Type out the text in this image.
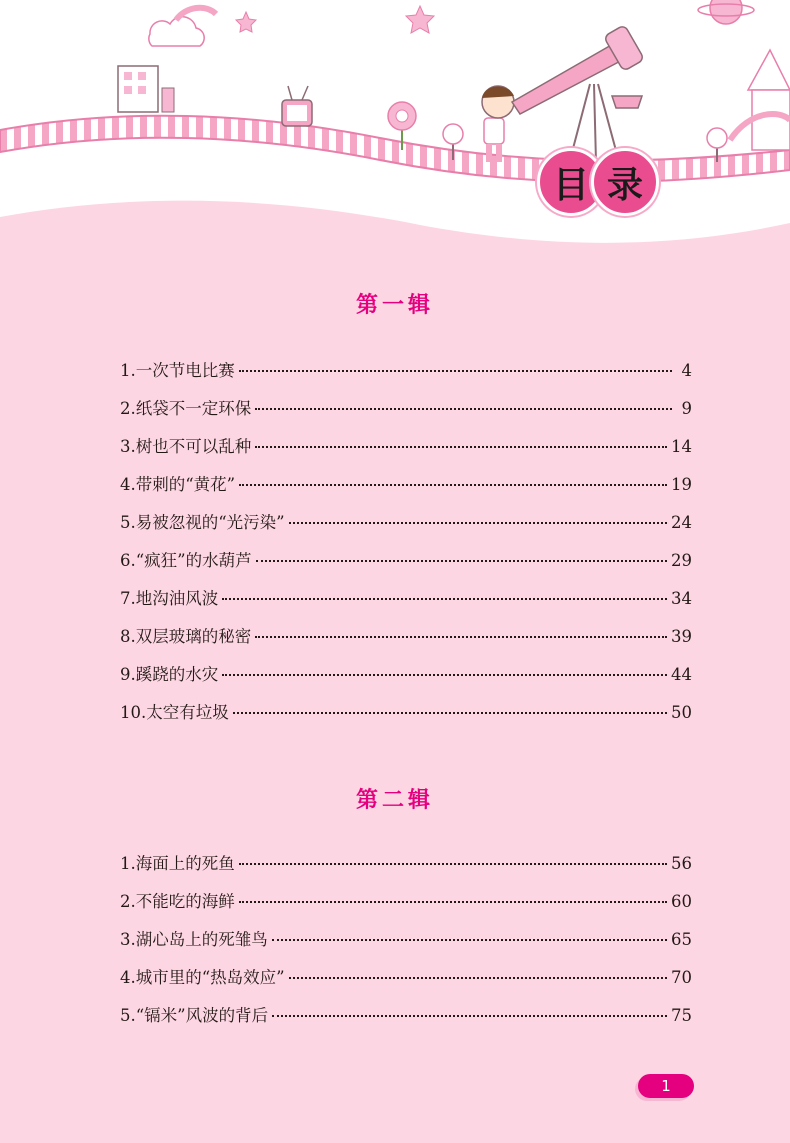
目 录
第一辑
1.一次节电比赛	4
2.纸袋不一定环保	9
3.树也不可以乱种	14
4.带刺的“黄花”	19
5.易被忽视的“光污染”	24
6.“疯狂”的水葫芦	29
7.地沟油风波	34
8.双层玻璃的秘密	39
9.蹊跷的水灾	44
10.太空有垃圾	50
第二辑
1.海面上的死鱼	56
2.不能吃的海鲜	60
3.湖心岛上的死雏鸟	65
4.城市里的“热岛效应”	70
5.“镉米”风波的背后	75
1
